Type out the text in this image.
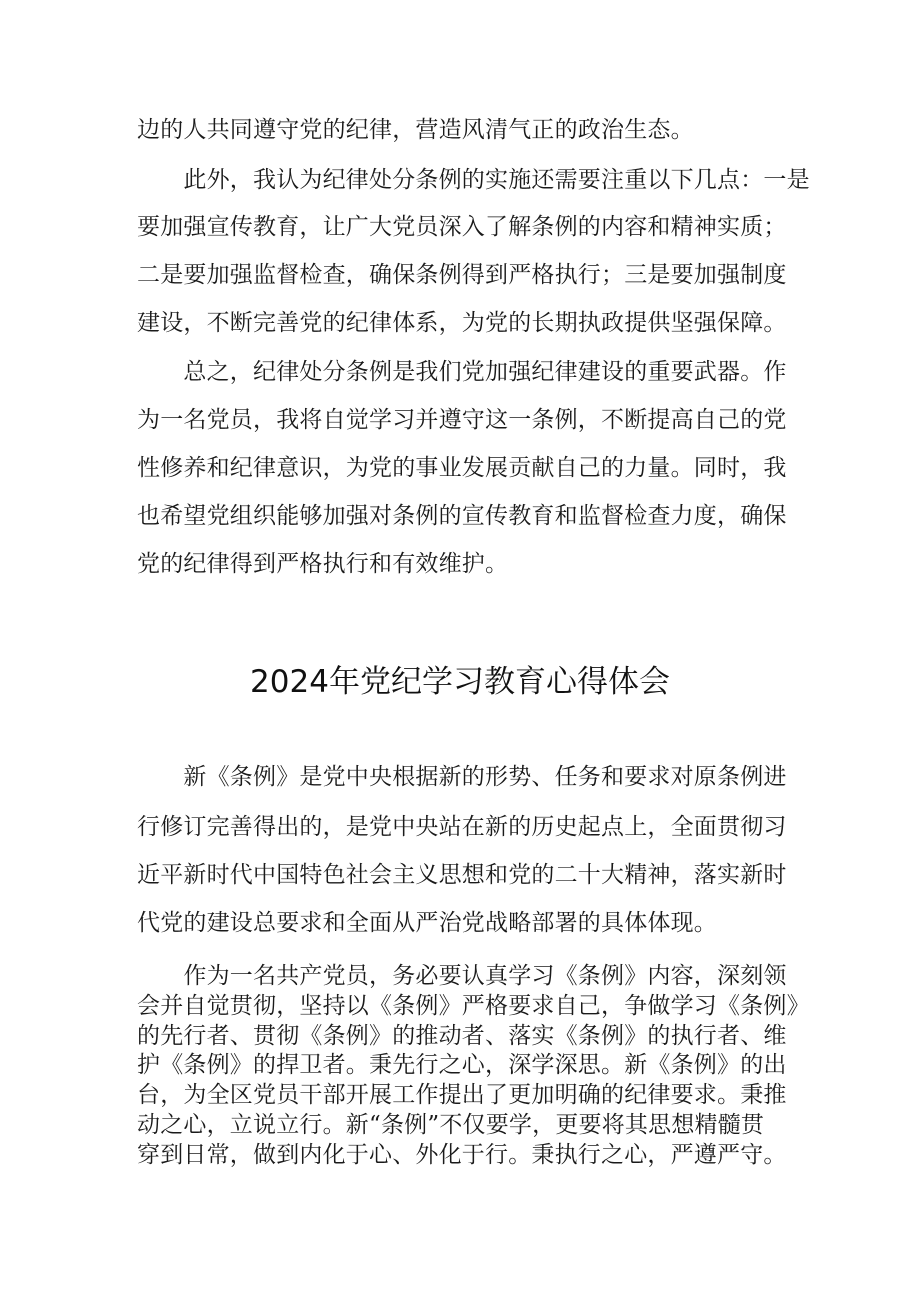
边的人共同遵守党的纪律，营造风清气正的政治生态。
　　此外，我认为纪律处分条例的实施还需要注重以下几点：一是
要加强宣传教育，让广大党员深入了解条例的内容和精神实质；
二是要加强监督检查，确保条例得到严格执行；三是要加强制度
建设，不断完善党的纪律体系，为党的长期执政提供坚强保障。
　　总之，纪律处分条例是我们党加强纪律建设的重要武器。作
为一名党员，我将自觉学习并遵守这一条例，不断提高自己的党
性修养和纪律意识，为党的事业发展贡献自己的力量。同时，我
也希望党组织能够加强对条例的宣传教育和监督检查力度，确保
党的纪律得到严格执行和有效维护。
2024年党纪学习教育心得体会
　　新《条例》是党中央根据新的形势、任务和要求对原条例进
行修订完善得出的，是党中央站在新的历史起点上，全面贯彻习
近平新时代中国特色社会主义思想和党的二十大精神，落实新时
代党的建设总要求和全面从严治党战略部署的具体体现。
　　作为一名共产党员，务必要认真学习《条例》内容，深刻领
会并自觉贯彻，坚持以《条例》严格要求自己，争做学习《条例》
的先行者、贯彻《条例》的推动者、落实《条例》的执行者、维
护《条例》的捍卫者。秉先行之心，深学深思。新《条例》的出
台，为全区党员干部开展工作提出了更加明确的纪律要求。秉推
动之心，立说立行。新“条例”不仅要学，更要将其思想精髓贯
穿到日常，做到内化于心、外化于行。秉执行之心，严遵严守。
